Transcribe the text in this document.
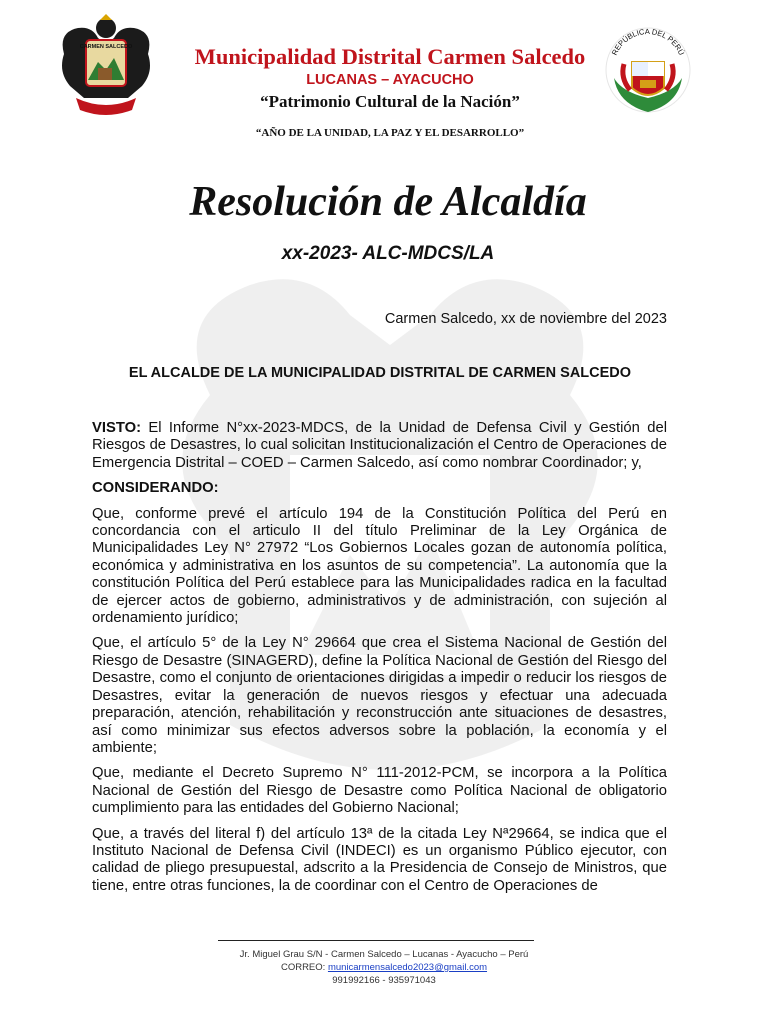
CARMEN SALCEDO
REPÚBLICA DEL PERÚ
Municipalidad Distrital Carmen Salcedo
LUCANAS – AYACUCHO
“Patrimonio Cultural de la Nación”
“AÑO DE LA UNIDAD, LA PAZ Y EL DESARROLLO”
Resolución de Alcaldía
xx-2023- ALC-MDCS/LA
Carmen Salcedo, xx de noviembre del 2023
EL ALCALDE DE LA MUNICIPALIDAD DISTRITAL DE CARMEN SALCEDO

VISTO: El Informe N°xx-2023-MDCS, de la Unidad de Defensa Civil y Gestión del Riesgos de Desastres, lo cual solicitan Institucionalización el Centro de Operaciones de Emergencia Distrital – COED – Carmen Salcedo, así como nombrar Coordinador; y,

CONSIDERANDO:

Que, conforme prevé el artículo 194 de la Constitución Política del Perú en concordancia con el articulo II del título Preliminar de la Ley Orgánica de Municipalidades Ley N° 27972 “Los Gobiernos Locales gozan de autonomía política, económica y administrativa en los asuntos de su competencia”. La autonomía que la constitución Política del Perú establece para las Municipalidades radica en la facultad de ejercer actos de gobierno, administrativos y de administración, con sujeción al ordenamiento jurídico;

Que, el artículo 5° de la Ley N° 29664 que crea el Sistema Nacional de Gestión del Riesgo de Desastre (SINAGERD), define la Política Nacional de Gestión del Riesgo del Desastre, como el conjunto de orientaciones dirigidas a impedir o reducir los riesgos de Desastres, evitar la generación de nuevos riesgos y efectuar una adecuada preparación, atención, rehabilitación y reconstrucción ante situaciones de desastres, así como minimizar sus efectos adversos sobre la población, la economía y el ambiente;

Que, mediante el Decreto Supremo N° 111-2012-PCM, se incorpora a la Política Nacional de Gestión del Riesgo de Desastre como Política Nacional de obligatorio cumplimiento para las entidades del Gobierno Nacional;

Que, a través del literal f) del artículo 13ª de la citada Ley Nª29664, se indica que el Instituto Nacional de Defensa Civil (INDECI) es un organismo Público ejecutor, con calidad de pliego presupuestal, adscrito a la Presidencia de Consejo de Ministros, que tiene, entre otras funciones, la de coordinar con el Centro de Operaciones de

Jr. Miguel Grau S/N - Carmen Salcedo – Lucanas - Ayacucho – Perú
CORREO: municarmensalcedo2023@gmail.com
991992166 - 935971043
